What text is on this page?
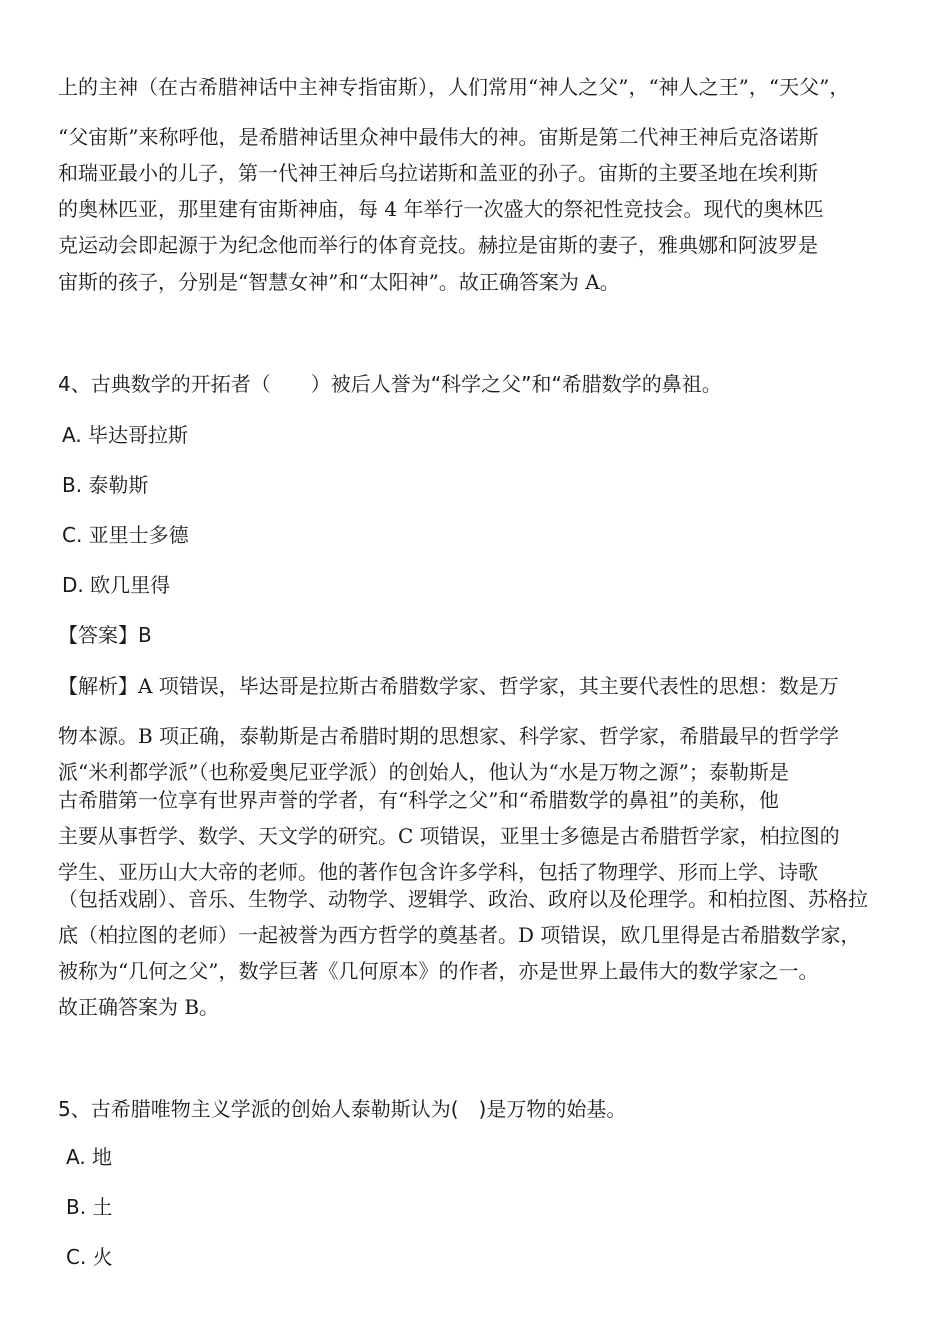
上的主神（在古希腊神话中主神专指宙斯），人们常用“神人之父”，“神人之王”，“天父”，
“父宙斯”来称呼他，是希腊神话里众神中最伟大的神。宙斯是第二代神王神后克洛诺斯
和瑞亚最小的儿子，第一代神王神后乌拉诺斯和盖亚的孙子。宙斯的主要圣地在埃利斯
的奥林匹亚，那里建有宙斯神庙，每 4 年举行一次盛大的祭祀性竞技会。现代的奥林匹
克运动会即起源于为纪念他而举行的体育竞技。赫拉是宙斯的妻子，雅典娜和阿波罗是
宙斯的孩子，分别是“智慧女神”和“太阳神”。故正确答案为 A。
4、古典数学的开拓者（　　）被后人誉为“科学之父”和“希腊数学的鼻祖。
A. 毕达哥拉斯
B. 泰勒斯
C. 亚里士多德
D. 欧几里得
【答案】B
【解析】A 项错误，毕达哥是拉斯古希腊数学家、哲学家，其主要代表性的思想：数是万
物本源。B 项正确，泰勒斯是古希腊时期的思想家、科学家、哲学家，希腊最早的哲学学
派“米利都学派”（也称爱奥尼亚学派）的创始人，他认为“水是万物之源”；泰勒斯是
古希腊第一位享有世界声誉的学者，有“科学之父”和“希腊数学的鼻祖”的美称，他
主要从事哲学、数学、天文学的研究。C 项错误，亚里士多德是古希腊哲学家，柏拉图的
学生、亚历山大大帝的老师。他的著作包含许多学科，包括了物理学、形而上学、诗歌
（包括戏剧）、音乐、生物学、动物学、逻辑学、政治、政府以及伦理学。和柏拉图、苏格拉
底（柏拉图的老师）一起被誉为西方哲学的奠基者。D 项错误，欧几里得是古希腊数学家，
被称为“几何之父”，数学巨著《几何原本》的作者，亦是世界上最伟大的数学家之一。
故正确答案为 B。
5、古希腊唯物主义学派的创始人泰勒斯认为(　)是万物的始基。
A. 地
B. 土
C. 火
